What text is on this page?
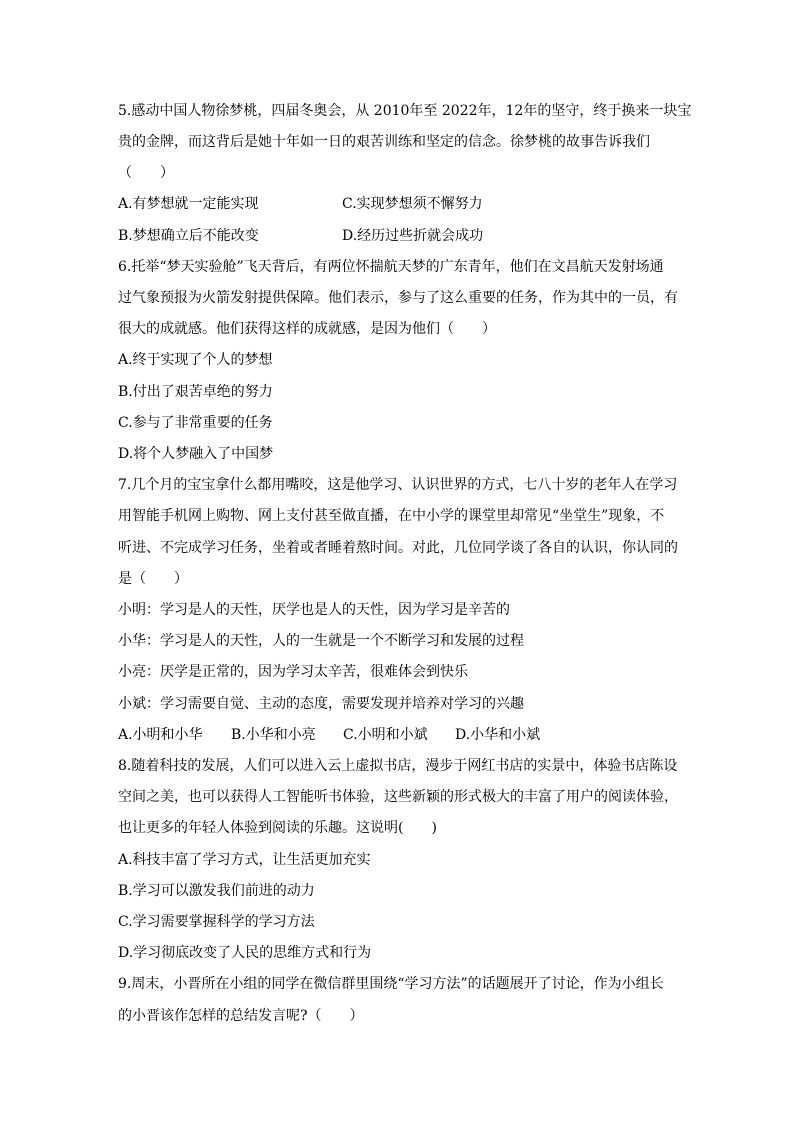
5.感动中国人物徐梦桃，四届冬奥会，从 2010年至 2022年，12年的坚守，终于换来一块宝
贵的金牌，而这背后是她十年如一日的艰苦训练和坚定的信念。徐梦桃的故事告诉我们
（　　）
A.有梦想就一定能实现	C.实现梦想须不懈努力
B.梦想确立后不能改变	D.经历过些折就会成功
6.托举“梦天实验舱”飞天背后，有两位怀揣航天梦的广东青年，他们在文昌航天发射场通
过气象预报为火箭发射提供保障。他们表示，参与了这么重要的任务，作为其中的一员，有
很大的成就感。他们获得这样的成就感，是因为他们（　　）
A.终于实现了个人的梦想
B.付出了艰苦卓绝的努力
C.参与了非常重要的任务
D.将个人梦融入了中国梦
7.几个月的宝宝拿什么都用嘴咬，这是他学习、认识世界的方式，七八十岁的老年人在学习
用智能手机网上购物、网上支付甚至做直播，在中小学的课堂里却常见“坐堂生”现象，不
听进、不完成学习任务，坐着或者睡着熬时间。对此，几位同学谈了各自的认识，你认同的
是（　　）
小明：学习是人的天性，厌学也是人的天性，因为学习是辛苦的
小华：学习是人的天性，人的一生就是一个不断学习和发展的过程
小亮：厌学是正常的，因为学习太辛苦，很难体会到快乐
小斌：学习需要自觉、主动的态度，需要发现并培养对学习的兴趣
A.小明和小华 B.小华和小亮 C.小明和小斌 D.小华和小斌
8.随着科技的发展，人们可以进入云上虚拟书店，漫步于网红书店的实景中，体验书店陈设
空间之美，也可以获得人工智能听书体验，这些新颖的形式极大的丰富了用户的阅读体验，
也让更多的年轻人体验到阅读的乐趣。这说明(　　)
A.科技丰富了学习方式，让生活更加充实
B.学习可以激发我们前进的动力
C.学习需要掌握科学的学习方法
D.学习彻底改变了人民的思维方式和行为
9.周末，小晋所在小组的同学在微信群里围绕“学习方法”的话题展开了讨论，作为小组长
的小晋该作怎样的总结发言呢?（　　）
